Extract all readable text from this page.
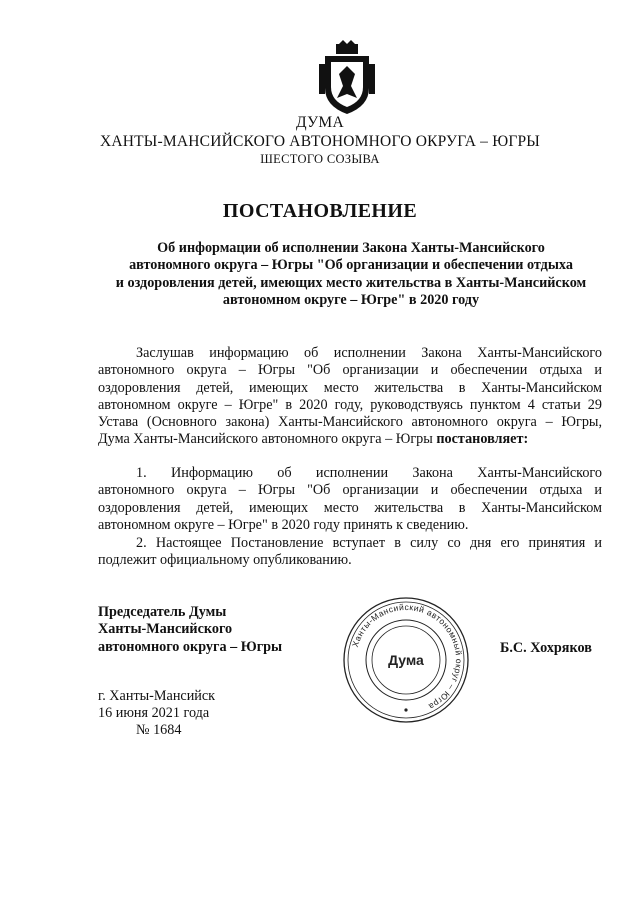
ДУМА
ХАНТЫ-МАНСИЙСКОГО АВТОНОМНОГО ОКРУГА – ЮГРЫ
ШЕСТОГО СОЗЫВА
ПОСТАНОВЛЕНИЕ
Об информации об исполнении Закона Ханты-Мансийского
автономного округа – Югры "Об организации и обеспечении отдыха
и оздоровления детей, имеющих место жительства в Ханты-Мансийском
автономном округе – Югре" в 2020 году
Заслушав информацию об исполнении Закона Ханты-Мансийского
автономного округа – Югры "Об организации и обеспечении отдыха и
оздоровления детей, имеющих место жительства в Ханты-Мансийском
автономном округе – Югре" в 2020 году, руководствуясь пунктом 4 статьи 29
Устава (Основного закона) Ханты-Мансийского автономного округа – Югры,
Дума Ханты-Мансийского автономного округа – Югры постановляет:
1. Информацию об исполнении Закона Ханты-Мансийского
автономного округа – Югры "Об организации и обеспечении отдыха и
оздоровления детей, имеющих место жительства в Ханты-Мансийском
автономном округе – Югре" в 2020 году принять к сведению.
2. Настоящее Постановление вступает в силу со дня его принятия и
подлежит официальному опубликованию.
Председатель Думы
Ханты-Мансийского
автономного округа – Югры	Ханты-Мансийский автономный округ – Югра
Дума
Б.С. Хохряков
г. Ханты-Мансийск
16 июня 2021 года
№ 1684
